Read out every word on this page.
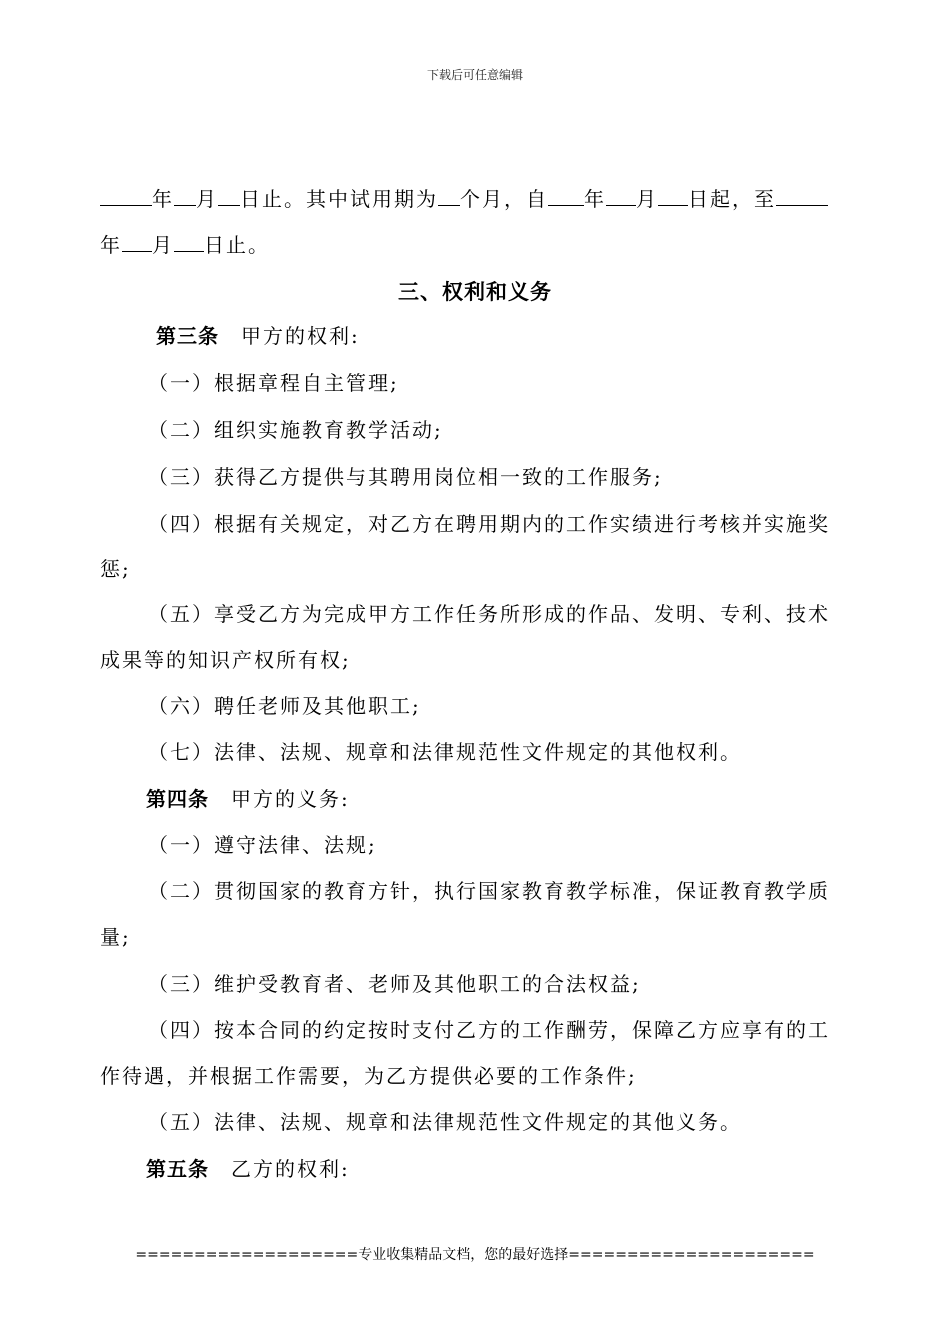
下载后可任意编辑
年 月 日止。其中试用期为 个月，自 年 月 日起，至
年 月 日止。
三、权利和义务
第三条 甲方的权利:
（一）根据章程自主管理;
（二）组织实施教育教学活动;
（三）获得乙方提供与其聘用岗位相一致的工作服务;
（四）根据有关规定，对乙方在聘用期内的工作实绩进行考核并实施奖
惩;
（五）享受乙方为完成甲方工作任务所形成的作品、发明、专利、技术
成果等的知识产权所有权;
（六）聘任老师及其他职工;
（七）法律、法规、规章和法律规范性文件规定的其他权利。
第四条 甲方的义务:
（一）遵守法律、法规;
（二）贯彻国家的教育方针，执行国家教育教学标准，保证教育教学质
量;
（三）维护受教育者、老师及其他职工的合法权益;
（四）按本合同的约定按时支付乙方的工作酬劳，保障乙方应享有的工
作待遇，并根据工作需要，为乙方提供必要的工作条件;
（五）法律、法规、规章和法律规范性文件规定的其他义务。
第五条 乙方的权利:
===================专业收集精品文档，您的最好选择=====================
